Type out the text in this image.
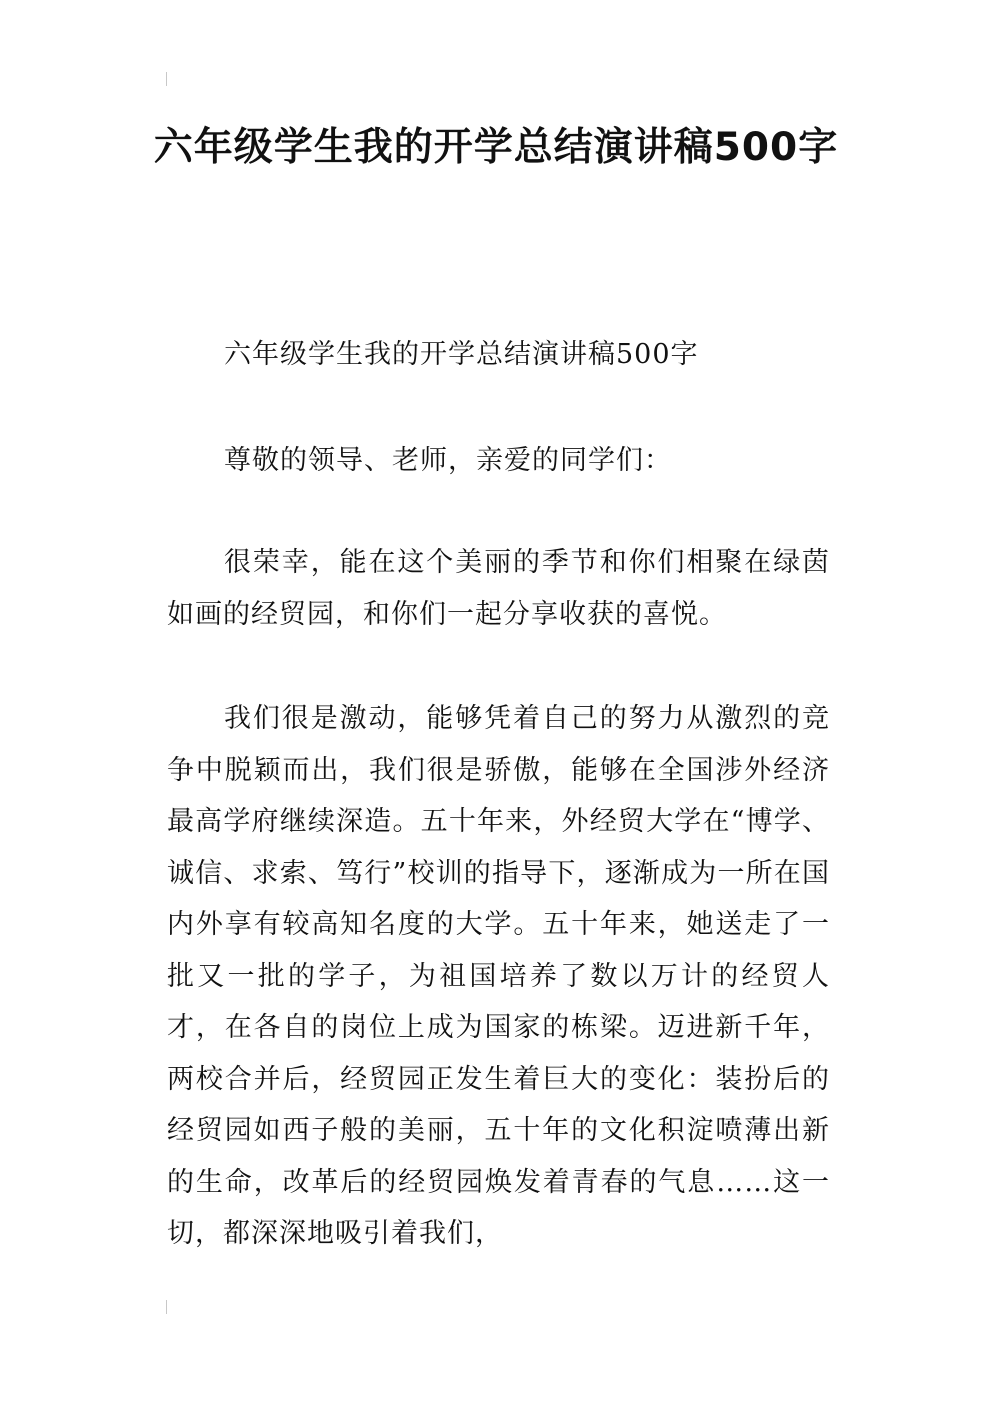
六年级学生我的开学总结演讲稿500字

六年级学生我的开学总结演讲稿500字

尊敬的领导、老师，亲爱的同学们：

很荣幸，能在这个美丽的季节和你们相聚在绿茵如画的经贸园，和你们一起分享收获的喜悦。

我们很是激动，能够凭着自己的努力从激烈的竞争中脱颖而出，我们很是骄傲，能够在全国涉外经济最高学府继续深造。五十年来，外经贸大学在“博学、诚信、求索、笃行”校训的指导下，逐渐成为一所在国内外享有较高知名度的大学。五十年来，她送走了一批又一批的学子，为祖国培养了数以万计的经贸人才，在各自的岗位上成为国家的栋梁。迈进新千年，两校合并后，经贸园正发生着巨大的变化：装扮后的经贸园如西子般的美丽，五十年的文化积淀喷薄出新的生命，改革后的经贸园焕发着青春的气息……这一切，都深深地吸引着我们，
